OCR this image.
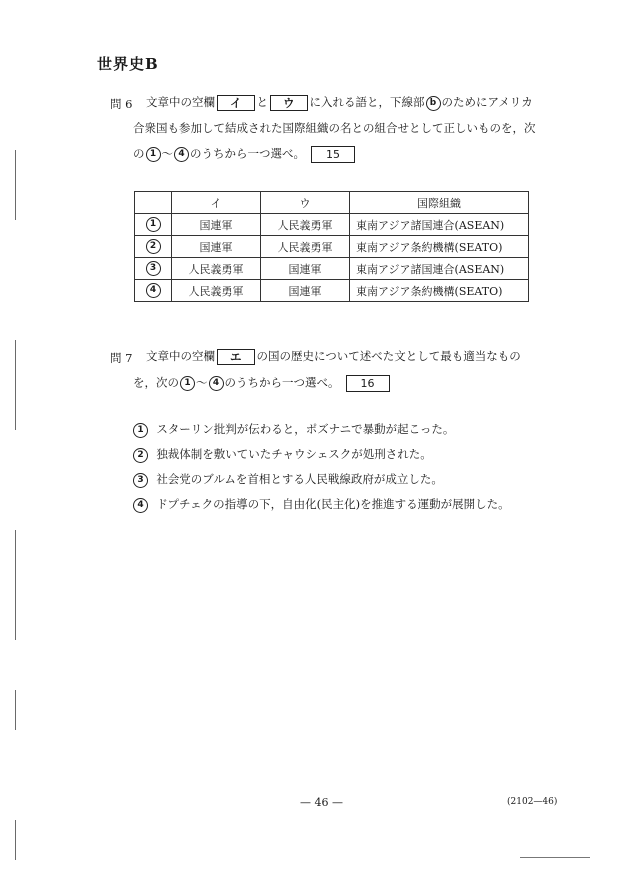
世界史B
問 6 文章中の空欄 イ と ウ に入れる語と，下線部 b のためにアメリカ
合衆国も参加して結成された国際組織の名との組合せとして正しいものを，次
の 1 〜 4 のうちから一つ選べ。 15
	イ	ウ	国際組織
1	国連軍	人民義勇軍	東南アジア諸国連合(ASEAN)
2	国連軍	人民義勇軍	東南アジア条約機構(SEATO)
3	人民義勇軍	国連軍	東南アジア諸国連合(ASEAN)
4	人民義勇軍	国連軍	東南アジア条約機構(SEATO)
問 7 文章中の空欄 エ の国の歴史について述べた文として最も適当なもの
を，次の 1 〜 4 のうちから一つ選べ。 16
1 スターリン批判が伝わると，ポズナニで暴動が起こった。
2 独裁体制を敷いていたチャウシェスクが処刑された。
3 社会党のブルムを首相とする人民戦線政府が成立した。
4 ドプチェクの指導の下，自由化(民主化)を推進する運動が展開した。
— 46 —	(2102—46)
